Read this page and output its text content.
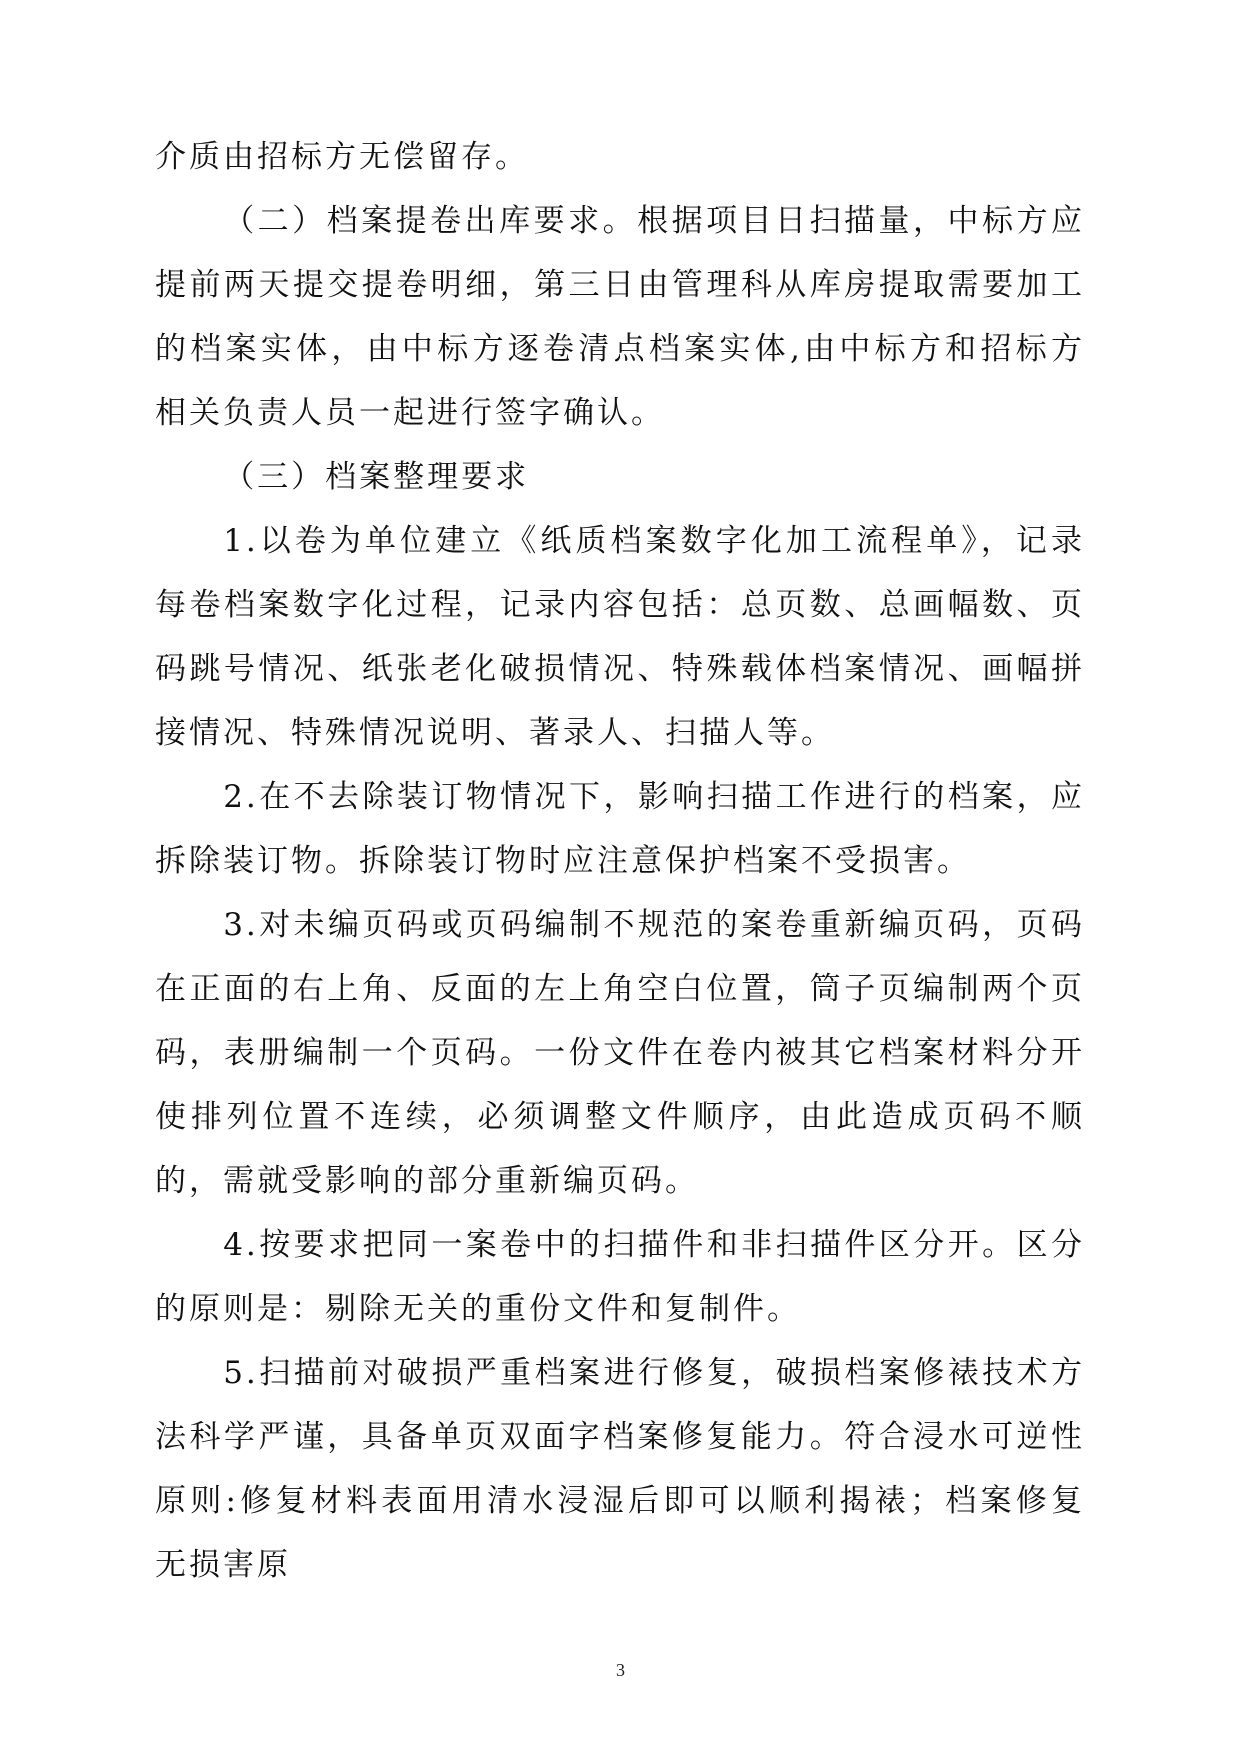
介质由招标方无偿留存。

（二）档案提卷出库要求。根据项目日扫描量，中标方应提前两天提交提卷明细，第三日由管理科从库房提取需要加工的档案实体，由中标方逐卷清点档案实体,由中标方和招标方相关负责人员一起进行签字确认。

（三）档案整理要求

1.以卷为单位建立《纸质档案数字化加工流程单》，记录每卷档案数字化过程，记录内容包括：总页数、总画幅数、页码跳号情况、纸张老化破损情况、特殊载体档案情况、画幅拼接情况、特殊情况说明、著录人、扫描人等。

2.在不去除装订物情况下，影响扫描工作进行的档案，应拆除装订物。拆除装订物时应注意保护档案不受损害。

3.对未编页码或页码编制不规范的案卷重新编页码，页码在正面的右上角、反面的左上角空白位置，筒子页编制两个页码，表册编制一个页码。一份文件在卷内被其它档案材料分开使排列位置不连续，必须调整文件顺序，由此造成页码不顺的，需就受影响的部分重新编页码。

4.按要求把同一案卷中的扫描件和非扫描件区分开。区分的原则是：剔除无关的重份文件和复制件。

5.扫描前对破损严重档案进行修复，破损档案修裱技术方法科学严谨，具备单页双面字档案修复能力。符合浸水可逆性原则:修复材料表面用清水浸湿后即可以顺利揭裱；档案修复无损害原

3
